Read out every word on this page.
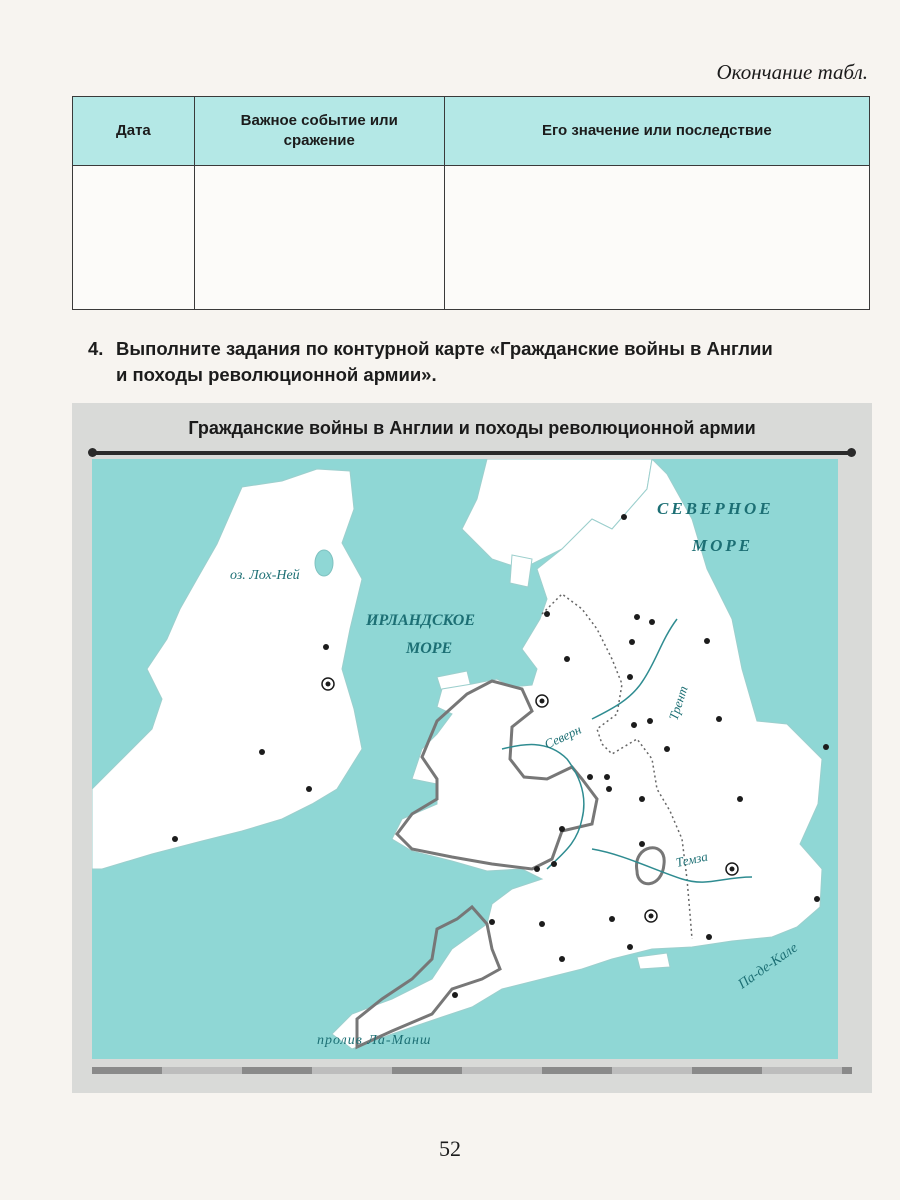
Окончание табл.
Дата	Важное событие или сражение	Его значение или последствие

4. Выполните задания по контурной карте «Гражданские войны в Англии
и походы революционной армии».
Гражданские войны в Англии и походы революционной армии
СЕВЕРНОЕ
МОРЕ
ИРЛАНДСКОЕ
МОРЕ
оз. Лох-Ней
Трент
Северн
Темза
Па-де-Кале
пролив Ла-Манш
52
